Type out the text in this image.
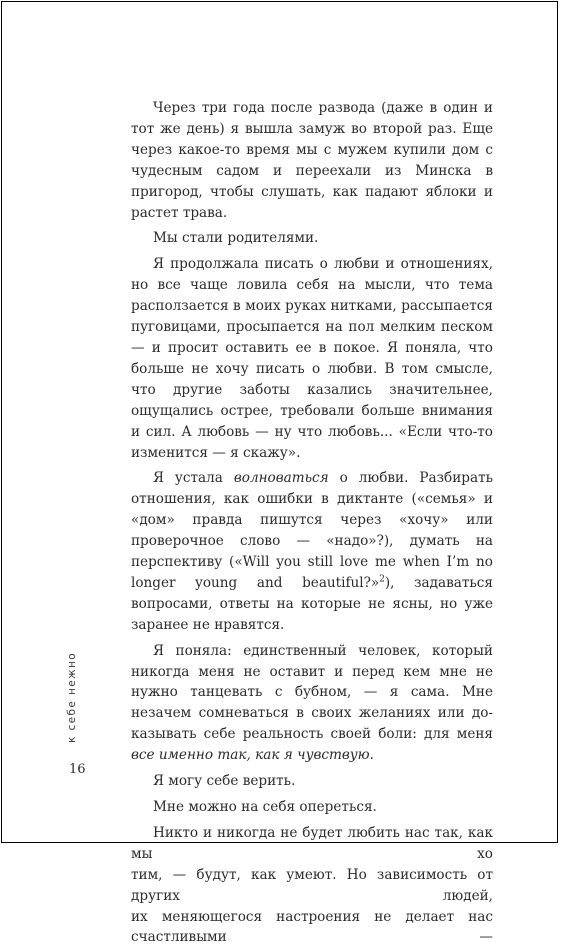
Через три года после развода (даже в один и тот же день) я вышла замуж во второй раз. Еще через какое-то время мы с мужем купили дом с чудесным садом и переехали из Минска в пригород, чтобы слушать, как падают яблоки и растет трава.

Мы стали родителями.

Я продолжала писать о любви и отношениях, но все чаще ловила себя на мысли, что тема расползается в моих руках нитками, рассыпается пуговицами, просыпается на пол мелким песком — и просит оставить ее в покое. Я поняла, что больше не хочу писать о любви. В том смысле, что другие заботы казались значительнее, ощущались острее, требовали больше внимания и сил. А любовь — ну что любовь... «Если что-то изменится — я скажу».

Я устала волноваться о любви. Разбирать отношения, как ошибки в диктанте («семья» и «дом» правда пишутся через «хочу» или проверочное слово — «надо»?), думать на перспективу («Will you still love me when I’m no longer young and beautiful?»$^2$), задаваться вопросами, ответы на которые не ясны, но уже заранее не нравятся.

Я поняла: единственный человек, который никогда меня не оставит и перед кем мне не нужно танцевать с бубном, — я сама. Мне незачем сомневаться в своих желаниях или доказывать себе реальность своей боли: для меня все именно так, как я чувствую.

Я могу себе верить.

Мне можно на себя опереться.

Никто и никогда не будет любить нас так, как мы хо
тим, — будут, как умеют. Но зависимость от других людей,
их меняющегося настроения не делает нас счастливыми —

к себе нежно
16
